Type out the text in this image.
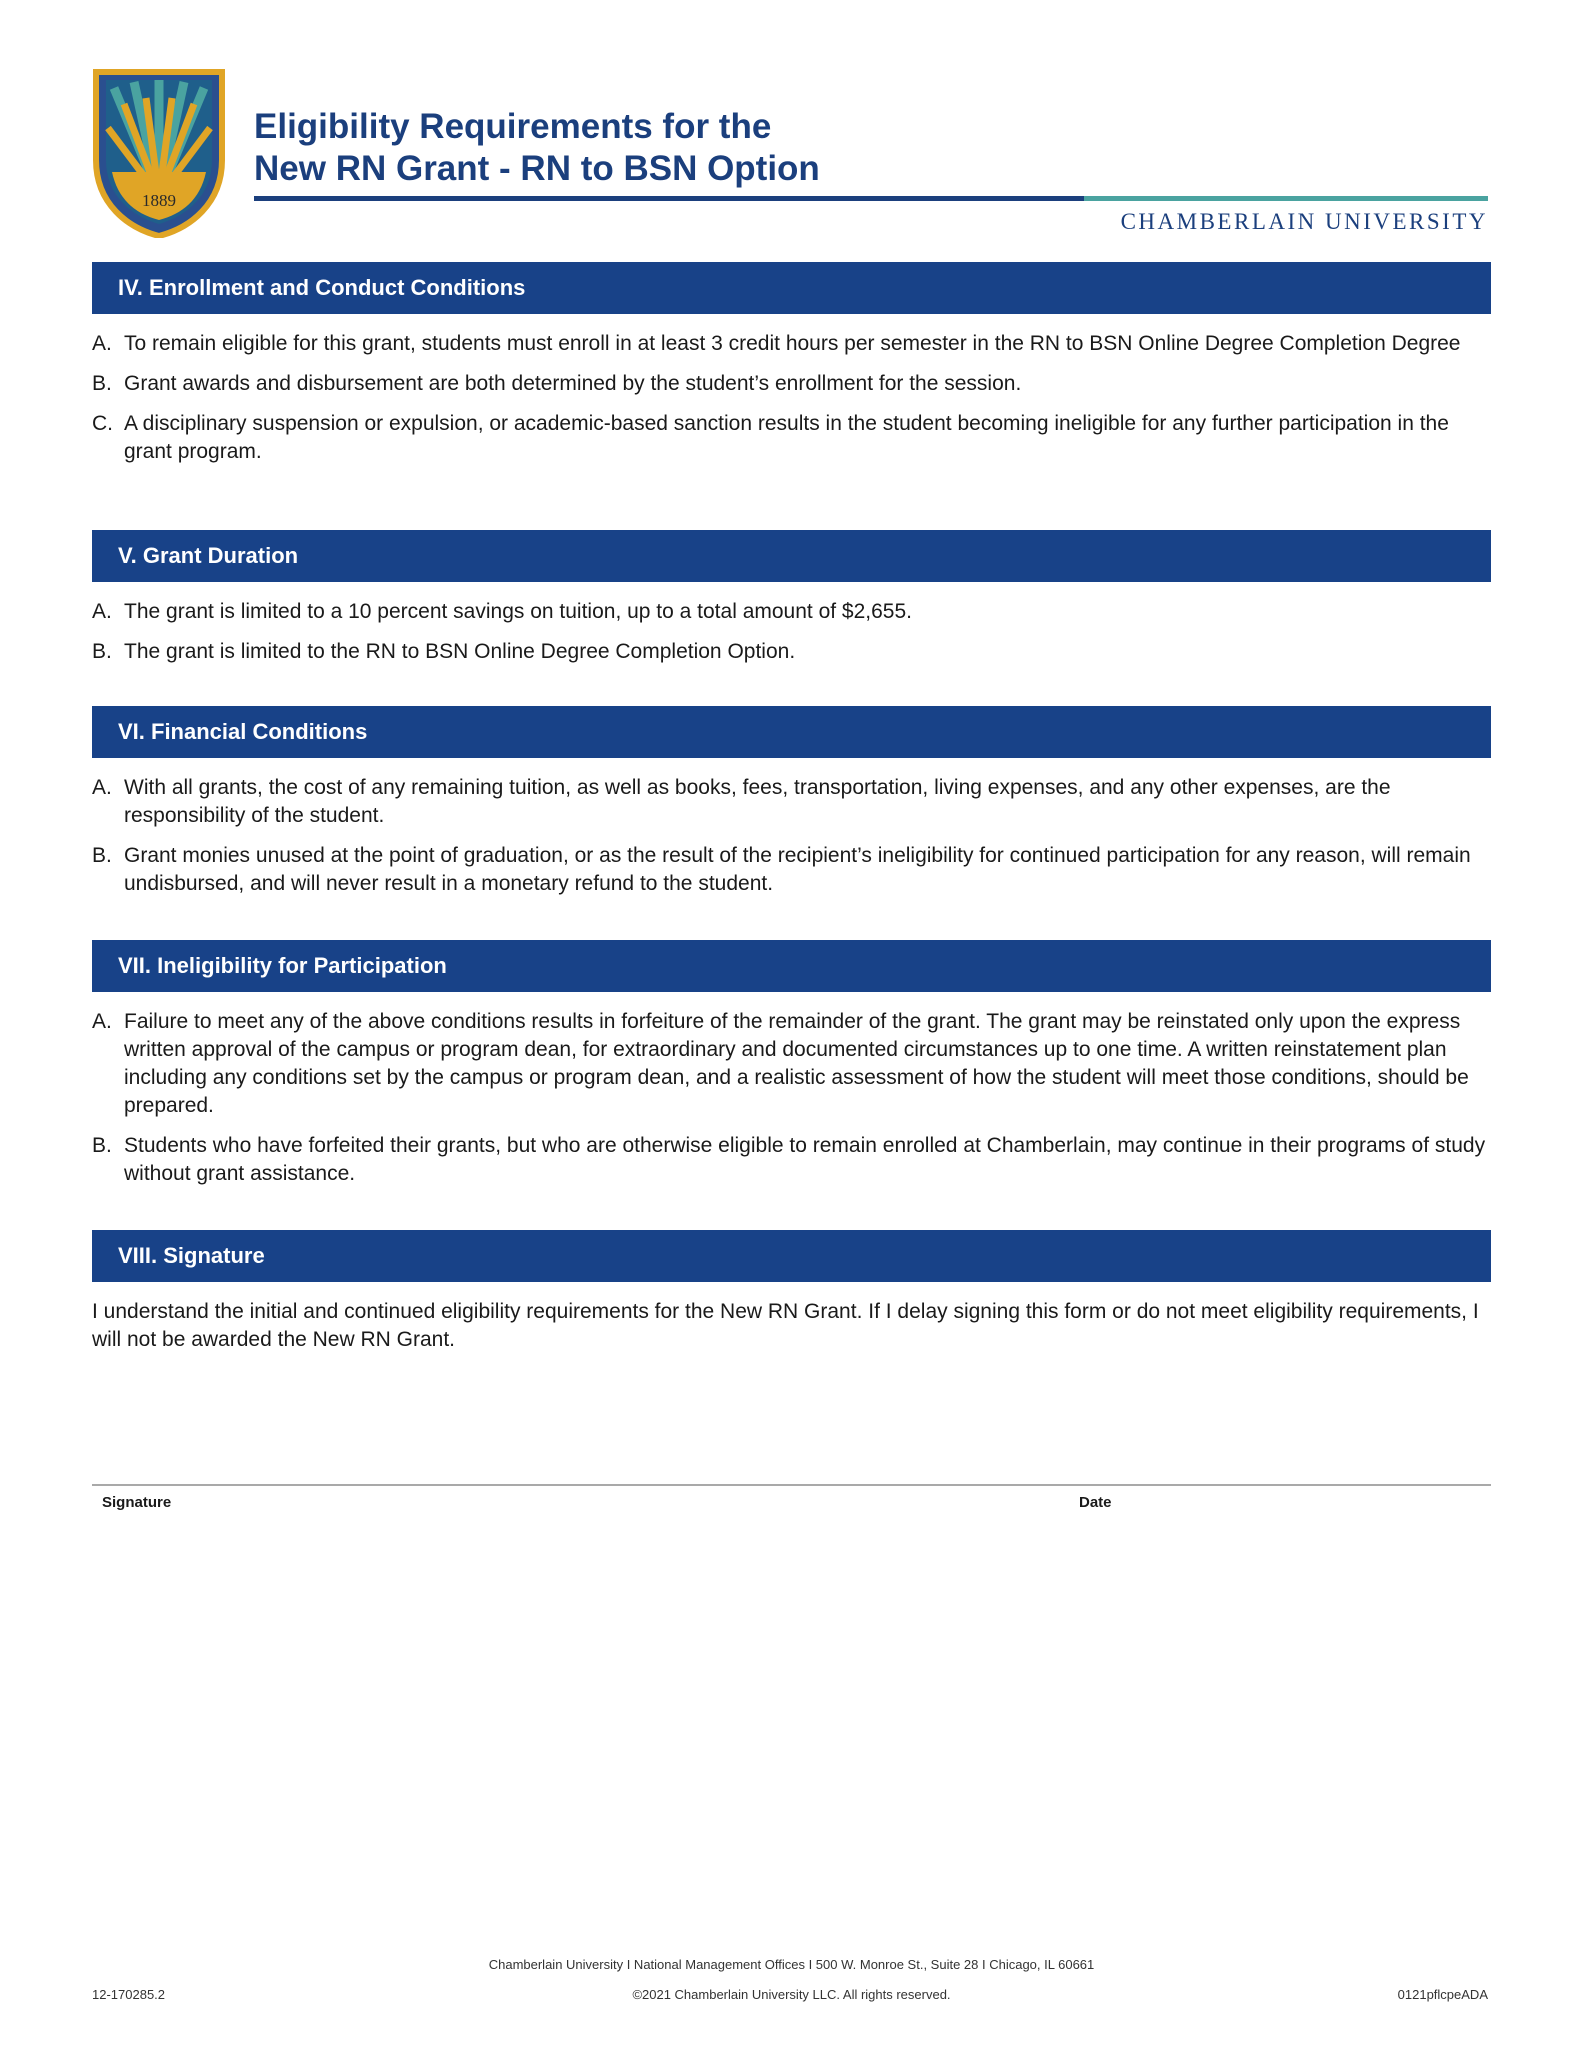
1889
Eligibility Requirements for the
New RN Grant - RN to BSN Option
CHAMBERLAIN UNIVERSITY
IV. Enrollment and Conduct Conditions
A. To remain eligible for this grant, students must enroll in at least 3 credit hours per semester in the RN to BSN Online Degree Completion Degree
B. Grant awards and disbursement are both determined by the student’s enrollment for the session.
C. A disciplinary suspension or expulsion, or academic-based sanction results in the student becoming ineligible for any further participation in the grant program.
V. Grant Duration
A. The grant is limited to a 10 percent savings on tuition, up to a total amount of $2,655.
B. The grant is limited to the RN to BSN Online Degree Completion Option.
VI. Financial Conditions
A. With all grants, the cost of any remaining tuition, as well as books, fees, transportation, living expenses, and any other expenses, are the responsibility of the student.
B. Grant monies unused at the point of graduation, or as the result of the recipient’s ineligibility for continued participation for any reason, will remain undisbursed, and will never result in a monetary refund to the student.
VII. Ineligibility for Participation
A. Failure to meet any of the above conditions results in forfeiture of the remainder of the grant. The grant may be reinstated only upon the express written approval of the campus or program dean, for extraordinary and documented circumstances up to one time. A written reinstatement plan including any conditions set by the campus or program dean, and a realistic assessment of how the student will meet those conditions, should be prepared.
B. Students who have forfeited their grants, but who are otherwise eligible to remain enrolled at Chamberlain, may continue in their programs of study   without grant assistance.
VIII. Signature

I understand the initial and continued eligibility requirements for the New RN Grant. If I delay signing this form or do not meet eligibility requirements, I will not be awarded the New RN Grant.

Signature	Date
Chamberlain University I National Management Offices I 500 W. Monroe St., Suite 28 I Chicago, IL 60661
©2021 Chamberlain University LLC. All rights reserved.
12-170285.2	0121pflcpeADA
